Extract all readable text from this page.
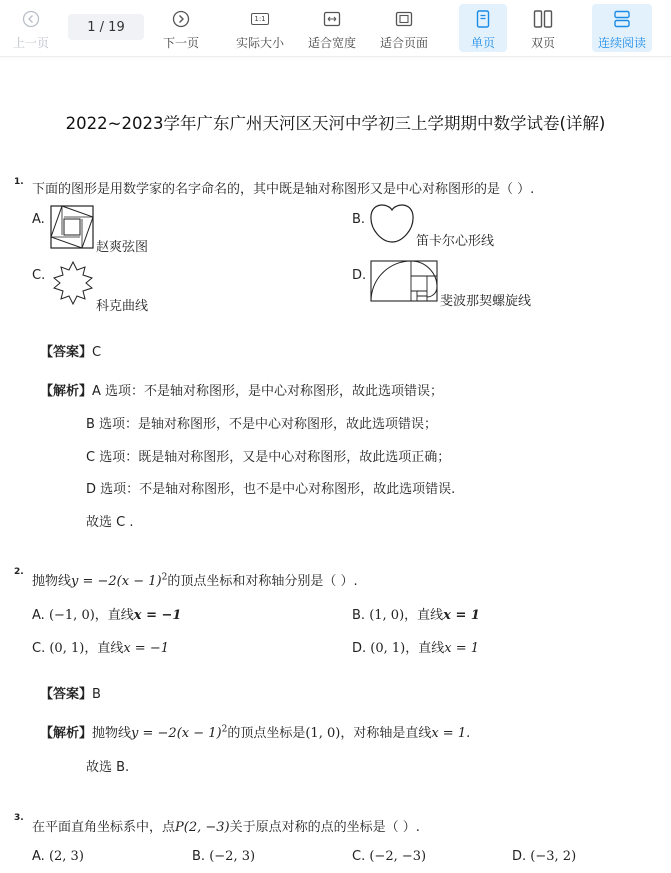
上一页
1
/ 19
下一页
1:1
实际大小 适合宽度 适合页面	单页	双页	连续阅读
2022~2023学年广东广州天河区天河中学初三上学期期中数学试卷(详解)
1. 下面的图形是用数学家的名字命名的，其中既是轴对称图形又是中心对称图形的是（ ）.
A.
赵爽弦图
B.
笛卡尔心形线
C.
科克曲线
D.
斐波那契螺旋线
【答案】C
【解析】A 选项：不是轴对称图形，是中心对称图形，故此选项错误；
B 选项：是轴对称图形，不是中心对称图形，故此选项错误；
C 选项：既是轴对称图形，又是中心对称图形，故此选项正确；
D 选项：不是轴对称图形，也不是中心对称图形，故此选项错误.
故选 C .
2.
抛物线$y = -2(x - 1)^2$的顶点坐标和对称轴分别是（ ）.
A. (−1, 0)，直线x = −1	B. (1, 0)，直线x = 1
C. (0, 1)，直线x = −1	D. (0, 1)，直线x = 1
【答案】B
【解析】抛物线$y = -2(x - 1)^2$的顶点坐标是(1, 0)，对称轴是直线x = 1.
故选 B.
3.
在平面直角坐标系中，点P(2, −3)关于原点对称的点的坐标是（ ）.
A. (2, 3)	B. (−2, 3)	C. (−2, −3)	D. (−3, 2)
